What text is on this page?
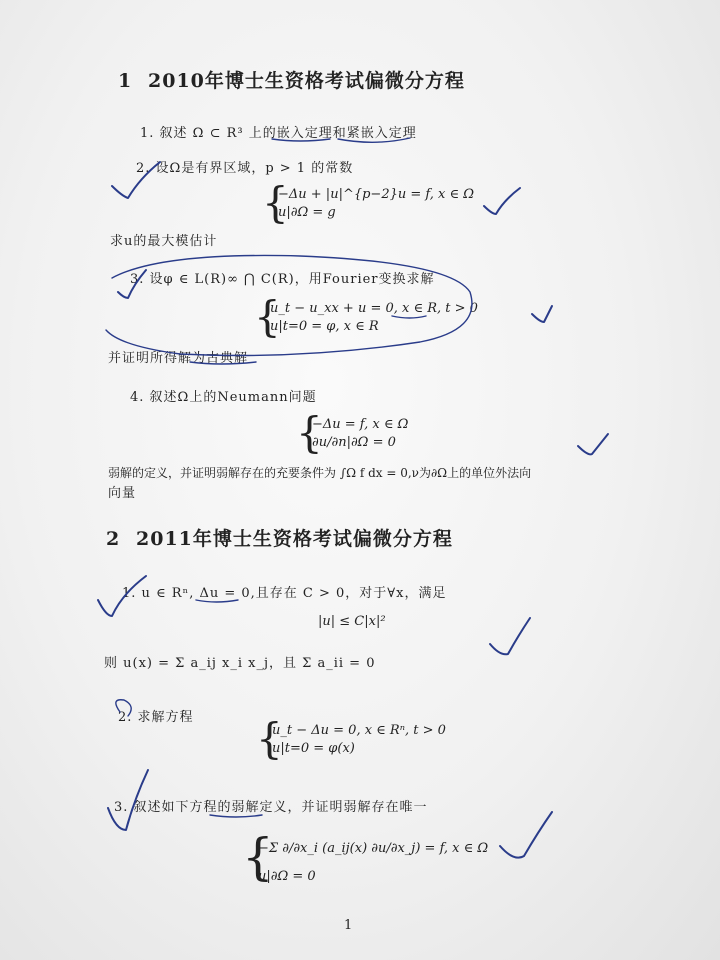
1 2010年博士生资格考试偏微分方程
1. 叙述 Ω ⊂ R³ 上的嵌入定理和紧嵌入定理
2. 设Ω是有界区域，p > 1 的常数
{
−Δu + |u|^{p−2}u = f, x ∈ Ω
u|∂Ω = g
求u的最大模估计
3. 设φ ∈ L(R)∞ ⋂ C(R)，用Fourier变换求解
{
u_t − u_xx + u = 0, x ∈ R, t > 0
u|t=0 = φ, x ∈ R
并证明所得解为古典解
4. 叙述Ω上的Neumann问题
{
−Δu = f, x ∈ Ω
∂u/∂n|∂Ω = 0
弱解的定义，并证明弱解存在的充要条件为 ∫Ω f dx = 0,ν为∂Ω上的单位外法向
向量
2 2011年博士生资格考试偏微分方程
1. u ∈ Rⁿ, Δu = 0,且存在 C > 0，对于∀x，满足
|u| ≤ C|x|²
则 u(x) = Σ a_ij x_i x_j，且 Σ a_ii = 0
2. 求解方程 {
u_t − Δu = 0, x ∈ Rⁿ, t > 0
u|t=0 = φ(x)
3. 叙述如下方程的弱解定义，并证明弱解存在唯一
{
−Σ ∂/∂x_i (a_ij(x) ∂u/∂x_j) = f, x ∈ Ω
u|∂Ω = 0
1
